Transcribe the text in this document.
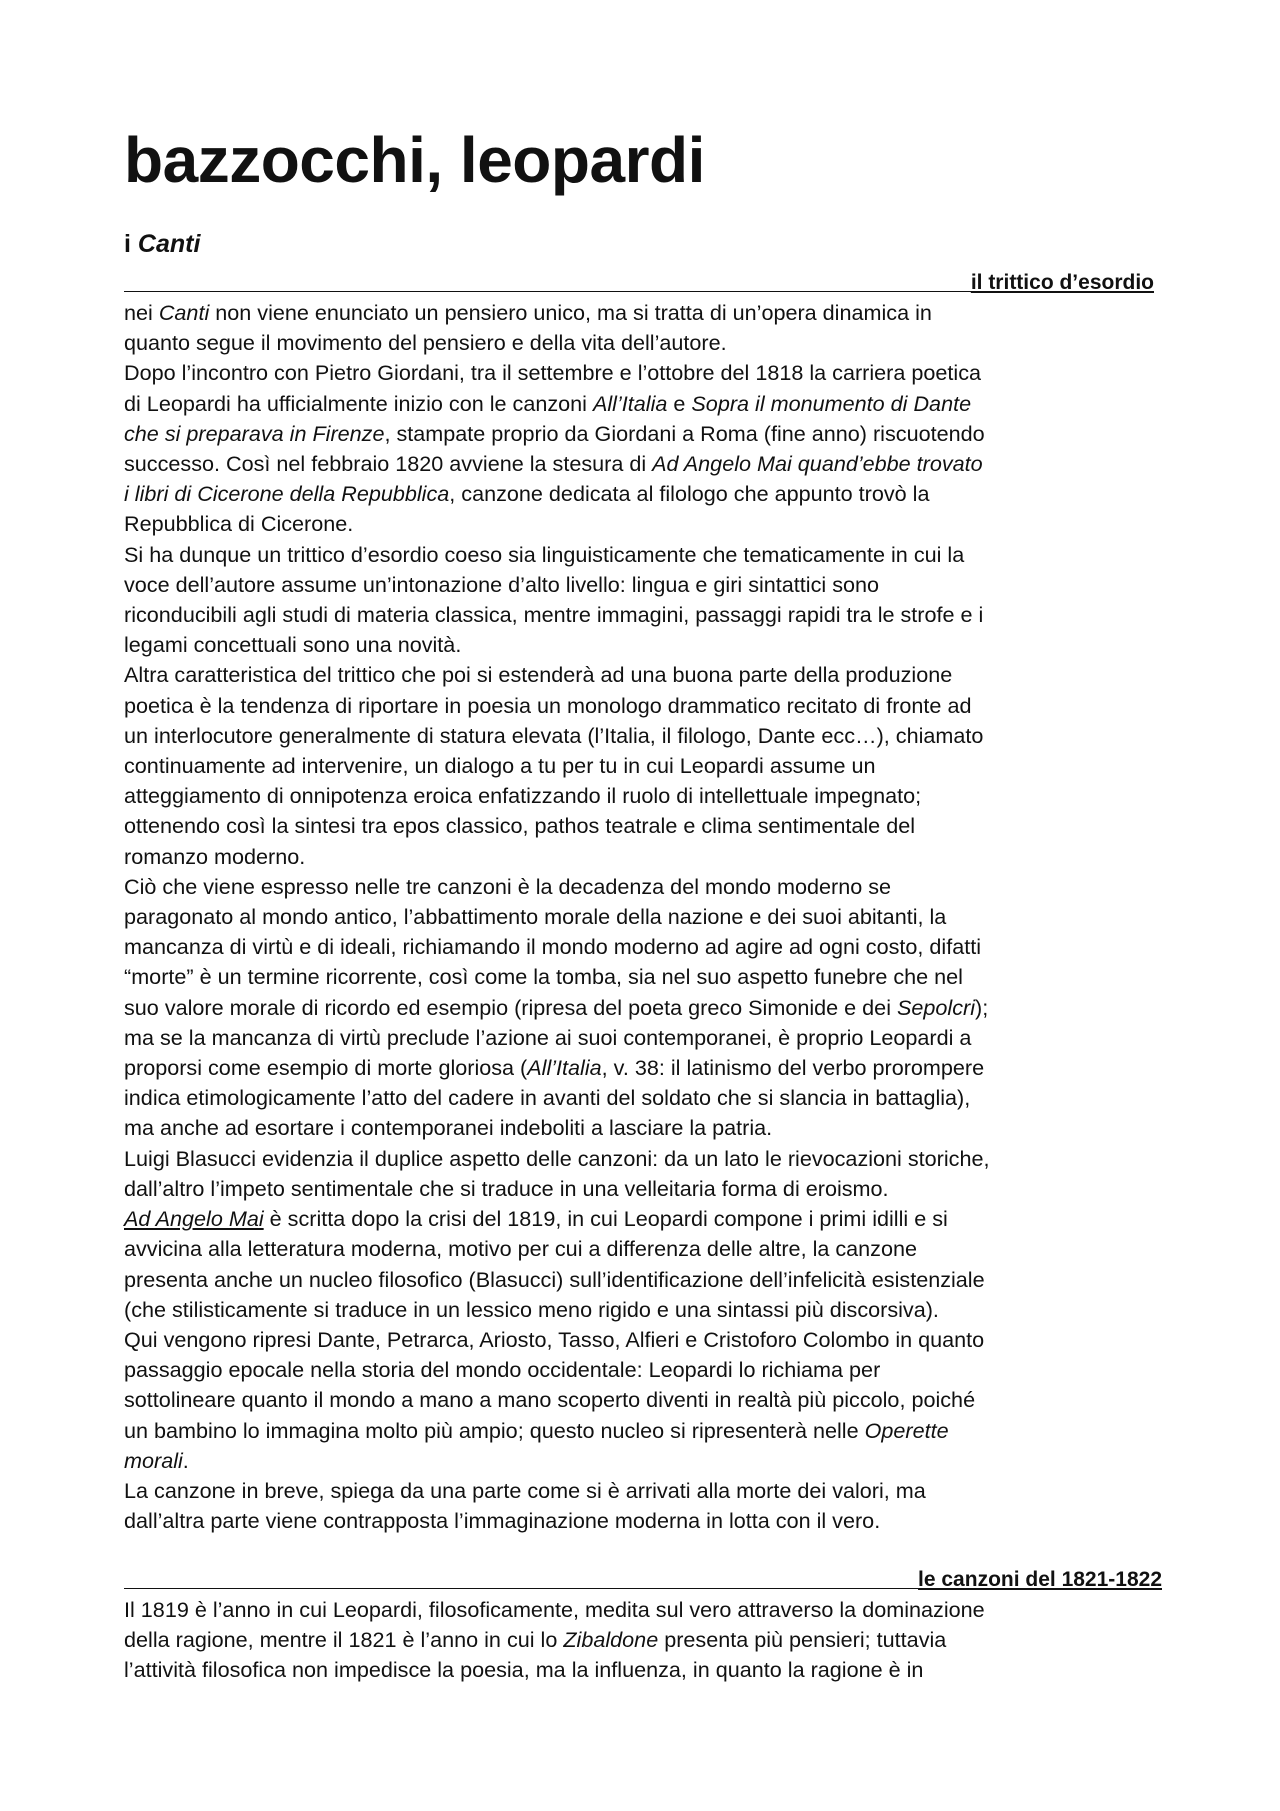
bazzocchi, leopardi
i Canti
il trittico d’esordio
nei Canti non viene enunciato un pensiero unico, ma si tratta di un’opera dinamica in
quanto segue il movimento del pensiero e della vita dell’autore.
Dopo l’incontro con Pietro Giordani, tra il settembre e l’ottobre del 1818 la carriera poetica
di Leopardi ha ufficialmente inizio con le canzoni All’Italia e Sopra il monumento di Dante
che si preparava in Firenze, stampate proprio da Giordani a Roma (fine anno) riscuotendo
successo. Così nel febbraio 1820 avviene la stesura di Ad Angelo Mai quand’ebbe trovato
i libri di Cicerone della Repubblica, canzone dedicata al filologo che appunto trovò la
Repubblica di Cicerone.
Si ha dunque un trittico d’esordio coeso sia linguisticamente che tematicamente in cui la
voce dell’autore assume un’intonazione d’alto livello: lingua e giri sintattici sono
riconducibili agli studi di materia classica, mentre immagini, passaggi rapidi tra le strofe e i
legami concettuali sono una novità.
Altra caratteristica del trittico che poi si estenderà ad una buona parte della produzione
poetica è la tendenza di riportare in poesia un monologo drammatico recitato di fronte ad
un interlocutore generalmente di statura elevata (l’Italia, il filologo, Dante ecc…), chiamato
continuamente ad intervenire, un dialogo a tu per tu in cui Leopardi assume un
atteggiamento di onnipotenza eroica enfatizzando il ruolo di intellettuale impegnato;
ottenendo così la sintesi tra epos classico, pathos teatrale e clima sentimentale del
romanzo moderno.
Ciò che viene espresso nelle tre canzoni è la decadenza del mondo moderno se
paragonato al mondo antico, l’abbattimento morale della nazione e dei suoi abitanti, la
mancanza di virtù e di ideali, richiamando il mondo moderno ad agire ad ogni costo, difatti
“morte” è un termine ricorrente, così come la tomba, sia nel suo aspetto funebre che nel
suo valore morale di ricordo ed esempio (ripresa del poeta greco Simonide e dei Sepolcri);
ma se la mancanza di virtù preclude l’azione ai suoi contemporanei, è proprio Leopardi a
proporsi come esempio di morte gloriosa (All’Italia, v. 38: il latinismo del verbo prorompere
indica etimologicamente l’atto del cadere in avanti del soldato che si slancia in battaglia),
ma anche ad esortare i contemporanei indeboliti a lasciare la patria.
Luigi Blasucci evidenzia il duplice aspetto delle canzoni: da un lato le rievocazioni storiche,
dall’altro l’impeto sentimentale che si traduce in una velleitaria forma di eroismo.
Ad Angelo Mai è scritta dopo la crisi del 1819, in cui Leopardi compone i primi idilli e si
avvicina alla letteratura moderna, motivo per cui a differenza delle altre, la canzone
presenta anche un nucleo filosofico (Blasucci) sull’identificazione dell’infelicità esistenziale
(che stilisticamente si traduce in un lessico meno rigido e una sintassi più discorsiva).
Qui vengono ripresi Dante, Petrarca, Ariosto, Tasso, Alfieri e Cristoforo Colombo in quanto
passaggio epocale nella storia del mondo occidentale: Leopardi lo richiama per
sottolineare quanto il mondo a mano a mano scoperto diventi in realtà più piccolo, poiché
un bambino lo immagina molto più ampio; questo nucleo si ripresenterà nelle Operette
morali.
La canzone in breve, spiega da una parte come si è arrivati alla morte dei valori, ma
dall’altra parte viene contrapposta l’immaginazione moderna in lotta con il vero.
le canzoni del 1821-1822
Il 1819 è l’anno in cui Leopardi, filosoficamente, medita sul vero attraverso la dominazione
della ragione, mentre il 1821 è l’anno in cui lo Zibaldone presenta più pensieri; tuttavia
l’attività filosofica non impedisce la poesia, ma la influenza, in quanto la ragione è in
